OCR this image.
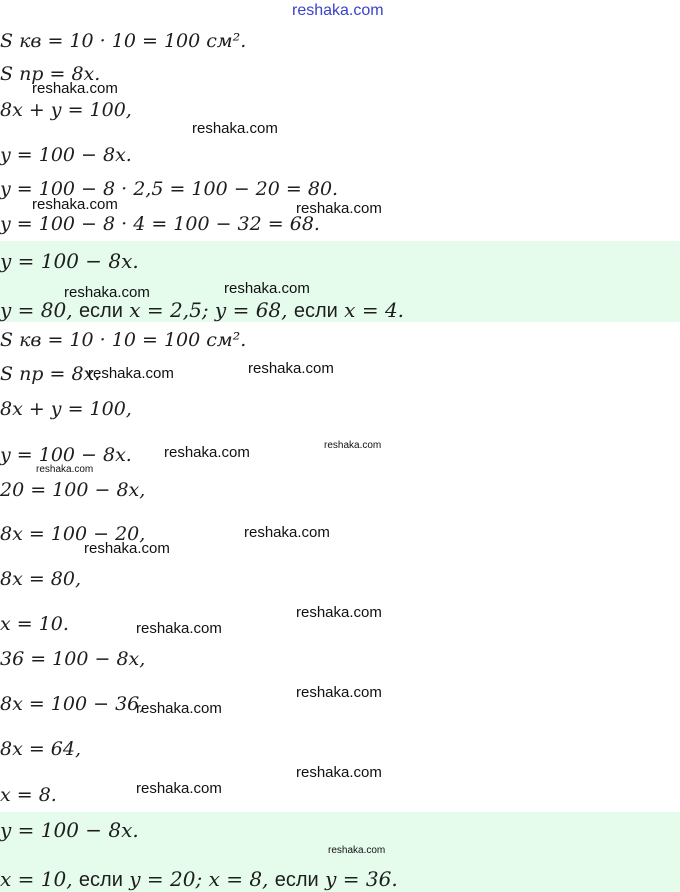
reshaka.com

S кв = 10 · 10 = 100 см².

S пр = 8x.

8x + y = 100,

y = 100 − 8x.

y = 100 − 8 · 2,5 = 100 − 20 = 80.

y = 100 − 8 · 4 = 100 − 32 = 68.

y = 100 − 8x.

y = 80, если x = 2,5; y = 68, если x = 4.

S кв = 10 · 10 = 100 см².

S пр = 8x.

8x + y = 100,

y = 100 − 8x.

20 = 100 − 8x,

8x = 100 − 20,

8x = 80,

x = 10.

36 = 100 − 8x,

8x = 100 − 36,

8x = 64,

x = 8.

y = 100 − 8x.

x = 10, если y = 20; x = 8, если y = 36.

reshaka.com

reshaka.com

reshaka.com	reshaka.com

reshaka.com

reshaka.com

reshaka.com

reshaka.com

reshaka.com

reshaka.com

reshaka.com

reshaka.com

reshaka.com

reshaka.com

reshaka.com

reshaka.com

reshaka.com

reshaka.com

reshaka.com

reshaka.com
